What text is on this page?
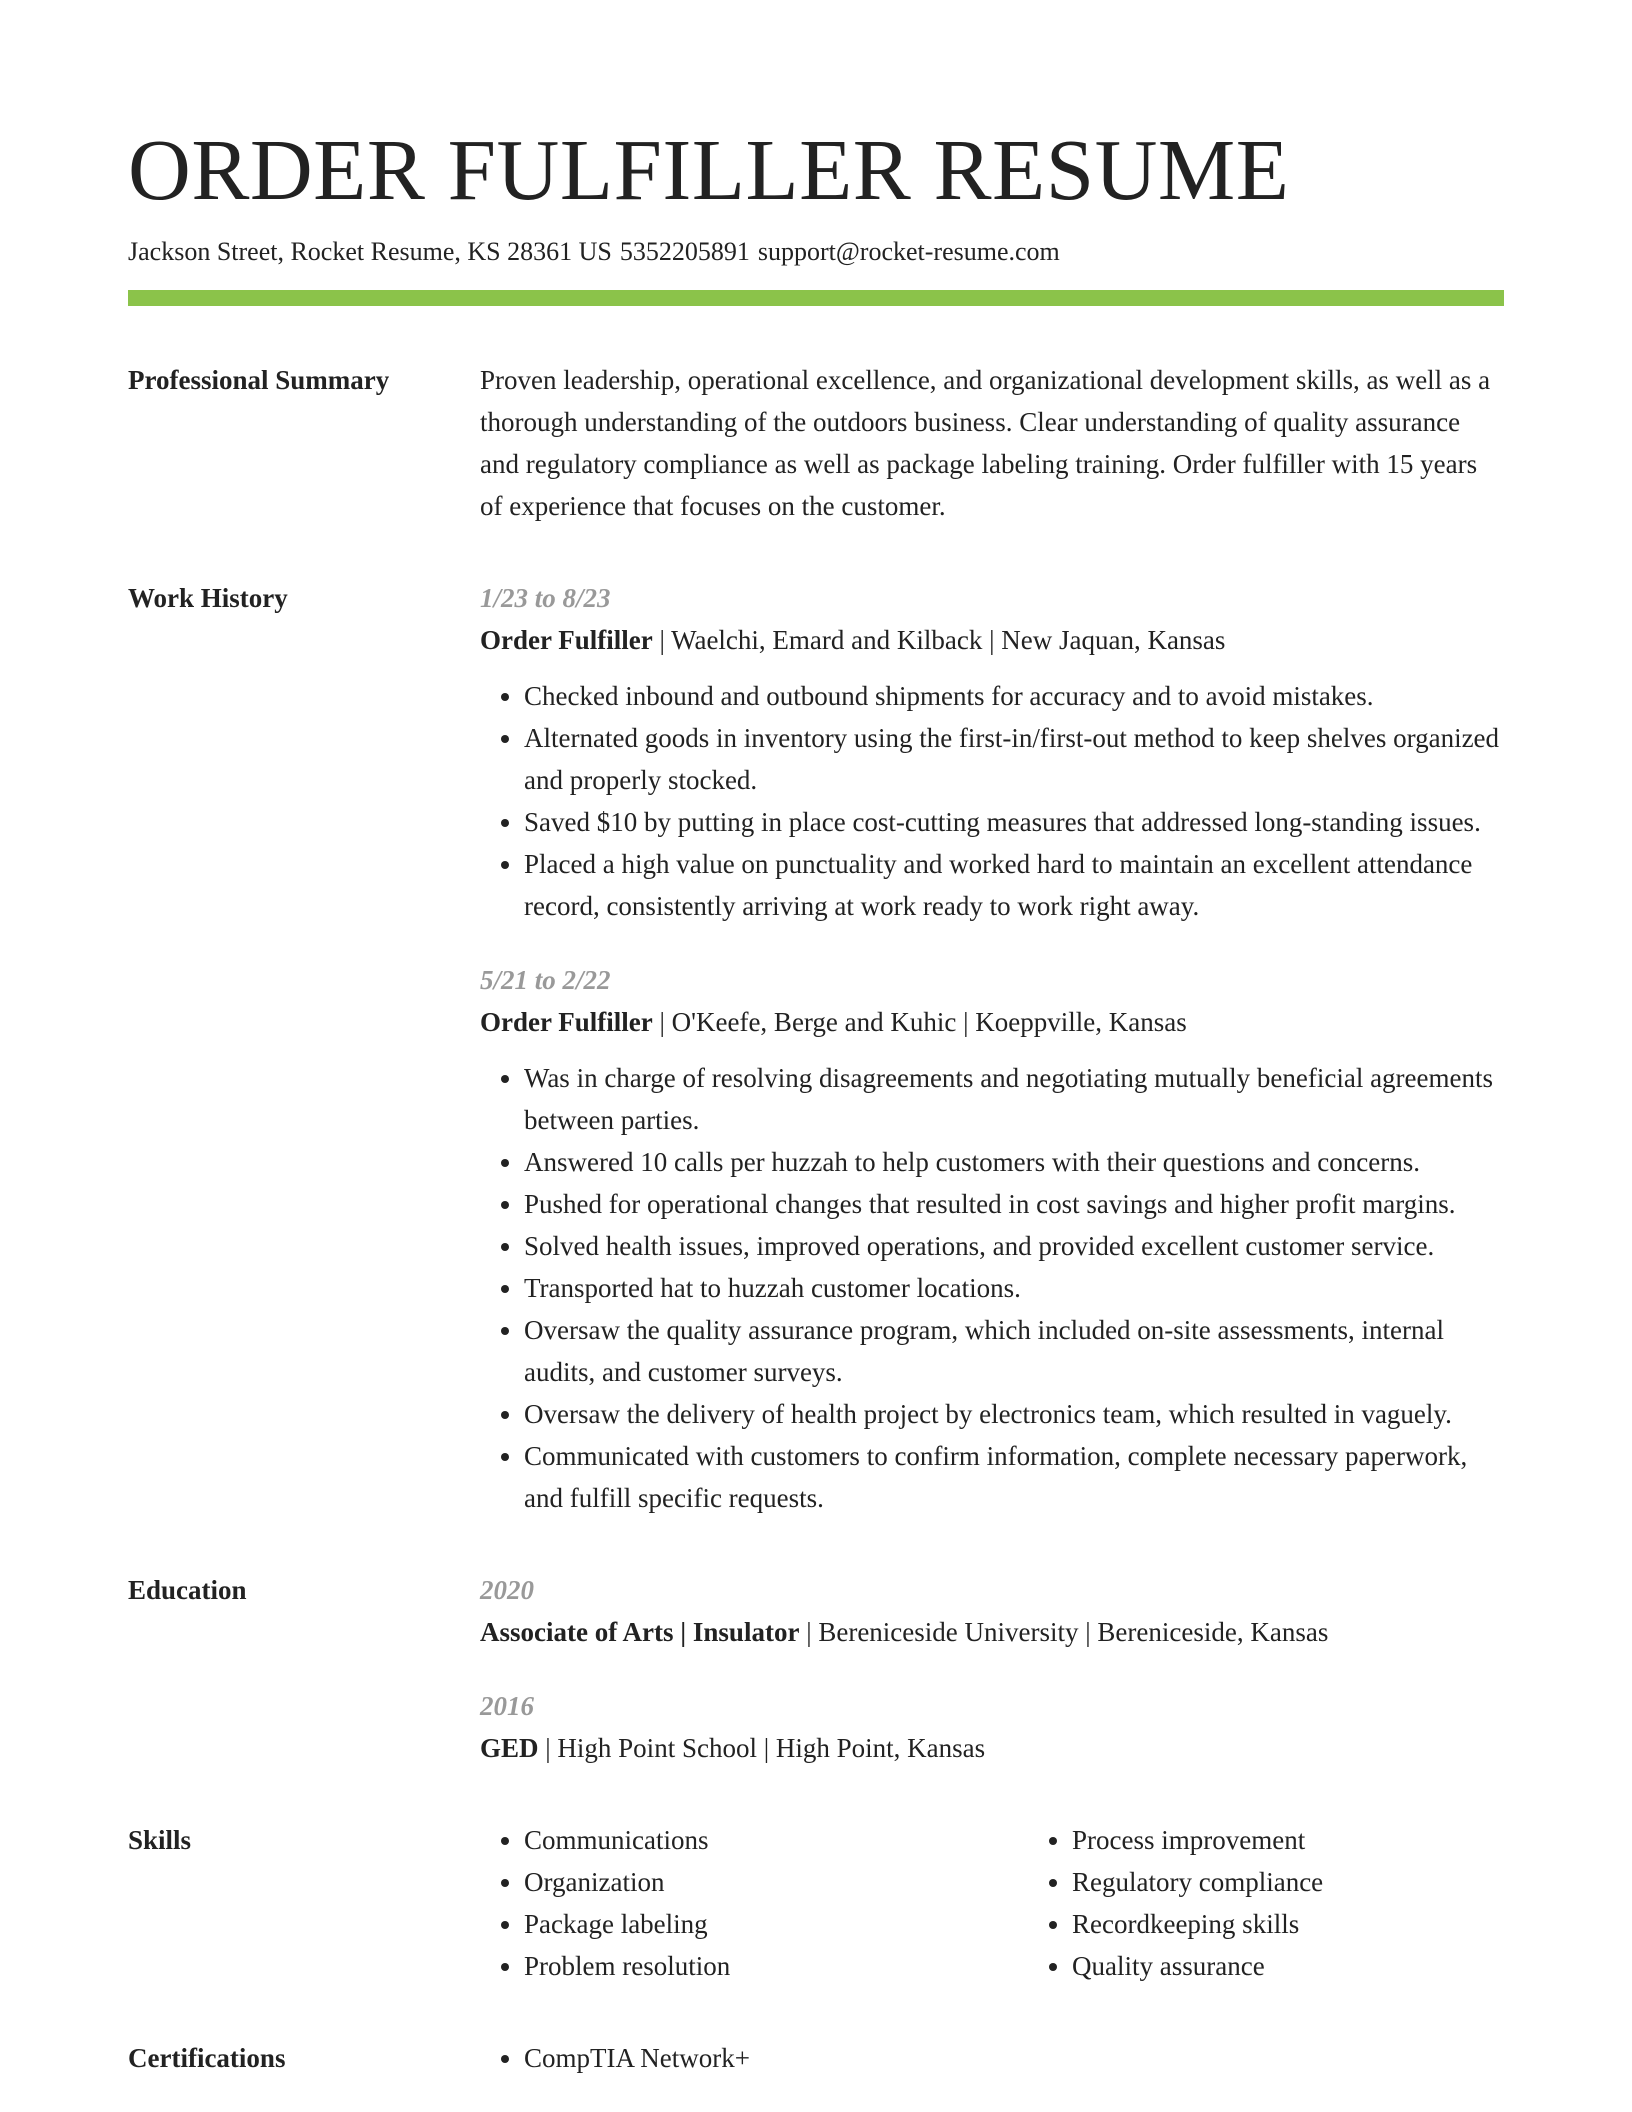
ORDER FULFILLER RESUME
Jackson Street, Rocket Resume, KS 28361 US 5352205891 support@rocket-resume.com
Professional Summary	Proven leadership, operational excellence, and organizational development skills, as well as a thorough understanding of the outdoors business. Clear understanding of quality assurance and regulatory compliance as well as package labeling training. Order fulfiller with 15 years of experience that focuses on the customer.

Work History	1/23 to 8/23
Order Fulfiller | Waelchi, Emard and Kilback | New Jaquan, Kansas
• Checked inbound and outbound shipments for accuracy and to avoid mistakes.
• Alternated goods in inventory using the first-in/first-out method to keep shelves organized and properly stocked.
• Saved $10 by putting in place cost-cutting measures that addressed long-standing issues.
• Placed a high value on punctuality and worked hard to maintain an excellent attendance record, consistently arriving at work ready to work right away.
5/21 to 2/22
Order Fulfiller | O'Keefe, Berge and Kuhic | Koeppville, Kansas
• Was in charge of resolving disagreements and negotiating mutually beneficial agreements between parties.
• Answered 10 calls per huzzah to help customers with their questions and concerns.
• Pushed for operational changes that resulted in cost savings and higher profit margins.
• Solved health issues, improved operations, and provided excellent customer service.
• Transported hat to huzzah customer locations.
• Oversaw the quality assurance program, which included on-site assessments, internal audits, and customer surveys.
• Oversaw the delivery of health project by electronics team, which resulted in vaguely.
• Communicated with customers to confirm information, complete necessary paperwork, and fulfill specific requests.
Education	2020
Associate of Arts | Insulator | Bereniceside University | Bereniceside, Kansas
2016
GED | High Point School | High Point, Kansas
Skills	• Communications
• Organization
• Package labeling
• Problem resolution
• Process improvement
• Regulatory compliance
• Recordkeeping skills
• Quality assurance
Certifications	• CompTIA Network+
